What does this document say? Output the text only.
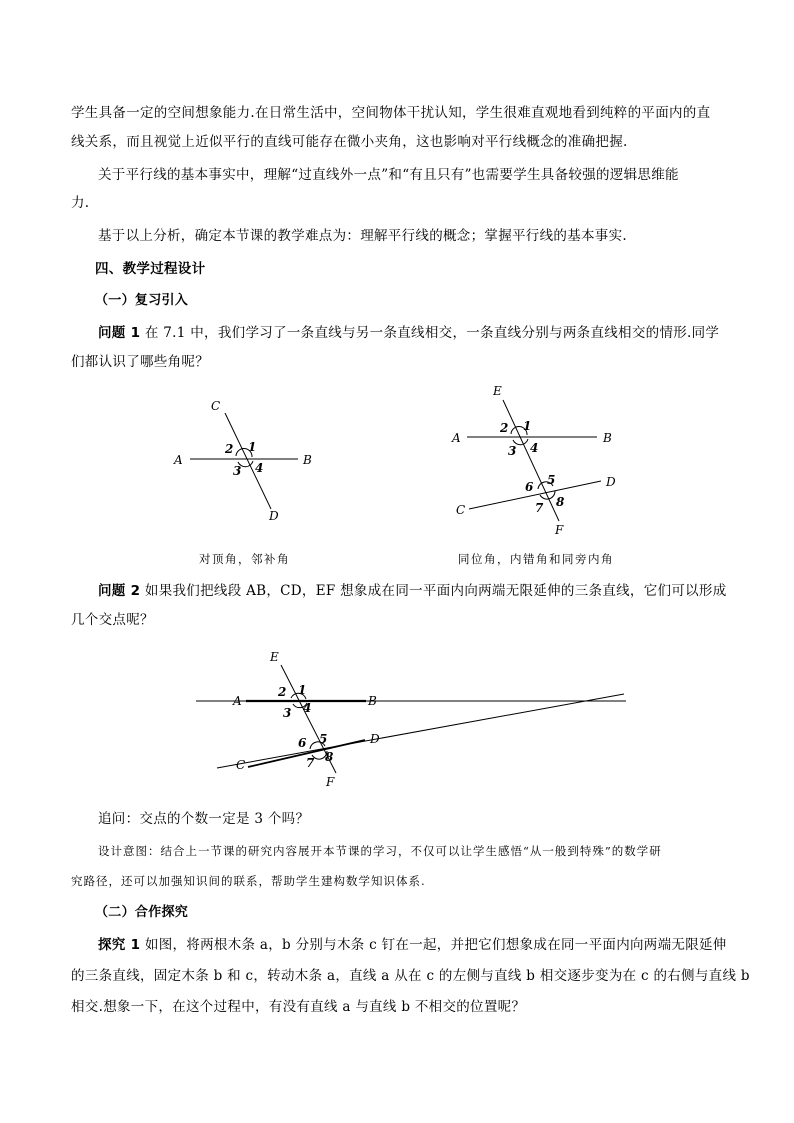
学生具备一定的空间想象能力.在日常生活中，空间物体干扰认知，学生很难直观地看到纯粹的平面内的直
线关系，而且视觉上近似平行的直线可能存在微小夹角，这也影响对平行线概念的准确把握.
关于平行线的基本事实中，理解“过直线外一点”和“有且只有”也需要学生具备较强的逻辑思维能
力.
基于以上分析，确定本节课的教学难点为：理解平行线的概念；掌握平行线的基本事实.
四、教学过程设计
（一）复习引入
问题 1 在 7.1 中，我们学习了一条直线与另一条直线相交，一条直线分别与两条直线相交的情形.同学
们都认识了哪些角呢？
A	B
C
D
1
2
3 4
对顶角，邻补角
A	B
C
D
E
F
1
2
3 4
5
6
7 8
同位角，内错角和同旁内角
问题 2 如果我们把线段 AB，CD，EF 想象成在同一平面内向两端无限延伸的三条直线，它们可以形成
几个交点呢？
A	B
C
D
E
F
1
2
3 4
5
6
7 8
追问：交点的个数一定是 3 个吗？
设计意图：结合上一节课的研究内容展开本节课的学习，不仅可以让学生感悟“从一般到特殊”的数学研
究路径，还可以加强知识间的联系，帮助学生建构数学知识体系.
（二）合作探究
探究 1 如图，将两根木条 a，b 分别与木条 c 钉在一起，并把它们想象成在同一平面内向两端无限延伸
的三条直线，固定木条 b 和 c，转动木条 a，直线 a 从在 c 的左侧与直线 b 相交逐步变为在 c 的右侧与直线 b
相交.想象一下，在这个过程中，有没有直线 a 与直线 b 不相交的位置呢？
